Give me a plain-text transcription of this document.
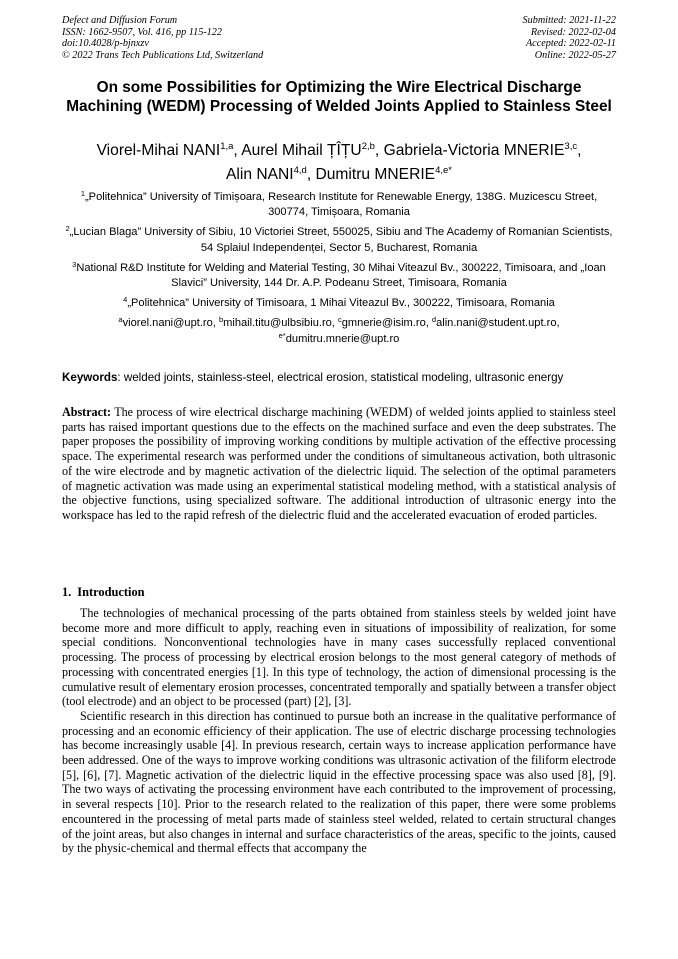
Defect and Diffusion Forum
ISSN: 1662-9507, Vol. 416, pp 115-122
doi:10.4028/p-bjnxzv
© 2022 Trans Tech Publications Ltd, Switzerland
Submitted: 2021-11-22
Revised: 2022-02-04
Accepted: 2022-02-11
Online: 2022-05-27
On some Possibilities for Optimizing the Wire Electrical Discharge Machining (WEDM) Processing of Welded Joints Applied to Stainless Steel
Viorel-Mihai NANI$^{1,a}$, Aurel Mihail ȚÎȚU$^{2,b}$, Gabriela-Victoria MNERIE$^{3,c}$,
Alin NANI$^{4,d}$, Dumitru $MNERIE^{4,e*}$
$^1$„Politehnica” University of Timișoara, Research Institute for Renewable Energy, 138G. Muzicescu Street, 300774, Timișoara, Romania
$^2$„Lucian Blaga” University of Sibiu, 10 Victoriei Street, 550025, Sibiu and The Academy of Romanian Scientists, 54 Splaiul Independenței, Sector 5, Bucharest, Romania
$^3$National R&D Institute for Welding and Material Testing, 30 Mihai Viteazul Bv., 300222, Timisoara, and „Ioan Slavici” University, 144 Dr. A.P. Podeanu Street, Timisoara, Romania
$^4$„Politehnica” University of Timisoara, 1 Mihai Viteazul Bv., 300222, Timisoara, Romania
$^a$viorel.nani@upt.ro, $^b$mihail.titu@ulbsibiu.ro, $^c$gmnerie@isim.ro, $^d$alin.nani@student.upt.ro,
$^{e*}$dumitru.mnerie@upt.ro
Keywords: welded joints, stainless-steel, electrical erosion, statistical modeling, ultrasonic energy
Abstract: The process of wire electrical discharge machining (WEDM) of welded joints applied to stainless steel parts has raised important questions due to the effects on the machined surface and even the deep substrates. The paper proposes the possibility of improving working conditions by multiple activation of the effective processing space. The experimental research was performed under the conditions of simultaneous activation, both ultrasonic of the wire electrode and by magnetic activation of the dielectric liquid. The selection of the optimal parameters of magnetic activation was made using an experimental statistical modeling method, with a statistical analysis of the objective functions, using specialized software. The additional introduction of ultrasonic energy into the workspace has led to the rapid refresh of the dielectric fluid and the accelerated evacuation of eroded particles.
1. Introduction

The technologies of mechanical processing of the parts obtained from stainless steels by welded joint have become more and more difficult to apply, reaching even in situations of impossibility of realization, for some special conditions. Nonconventional technologies have in many cases successfully replaced conventional processing. The process of processing by electrical erosion belongs to the most general category of methods of processing with concentrated energies [1]. In this type of technology, the action of dimensional processing is the cumulative result of elementary erosion processes, concentrated temporally and spatially between a transfer object (tool electrode) and an object to be processed (part) [2], [3].

Scientific research in this direction has continued to pursue both an increase in the qualitative performance of processing and an economic efficiency of their application. The use of electric discharge processing technologies has become increasingly usable [4]. In previous research, certain ways to increase application performance have been addressed. One of the ways to improve working conditions was ultrasonic activation of the filiform electrode [5], [6], [7]. Magnetic activation of the dielectric liquid in the effective processing space was also used [8], [9]. The two ways of activating the processing environment have each contributed to the improvement of processing, in several respects [10]. Prior to the research related to the realization of this paper, there were some problems encountered in the processing of metal parts made of stainless steel welded, related to certain structural changes of the joint areas, but also changes in internal and surface characteristics of the areas, specific to the joints, caused by the physic-chemical and thermal effects that accompany the
